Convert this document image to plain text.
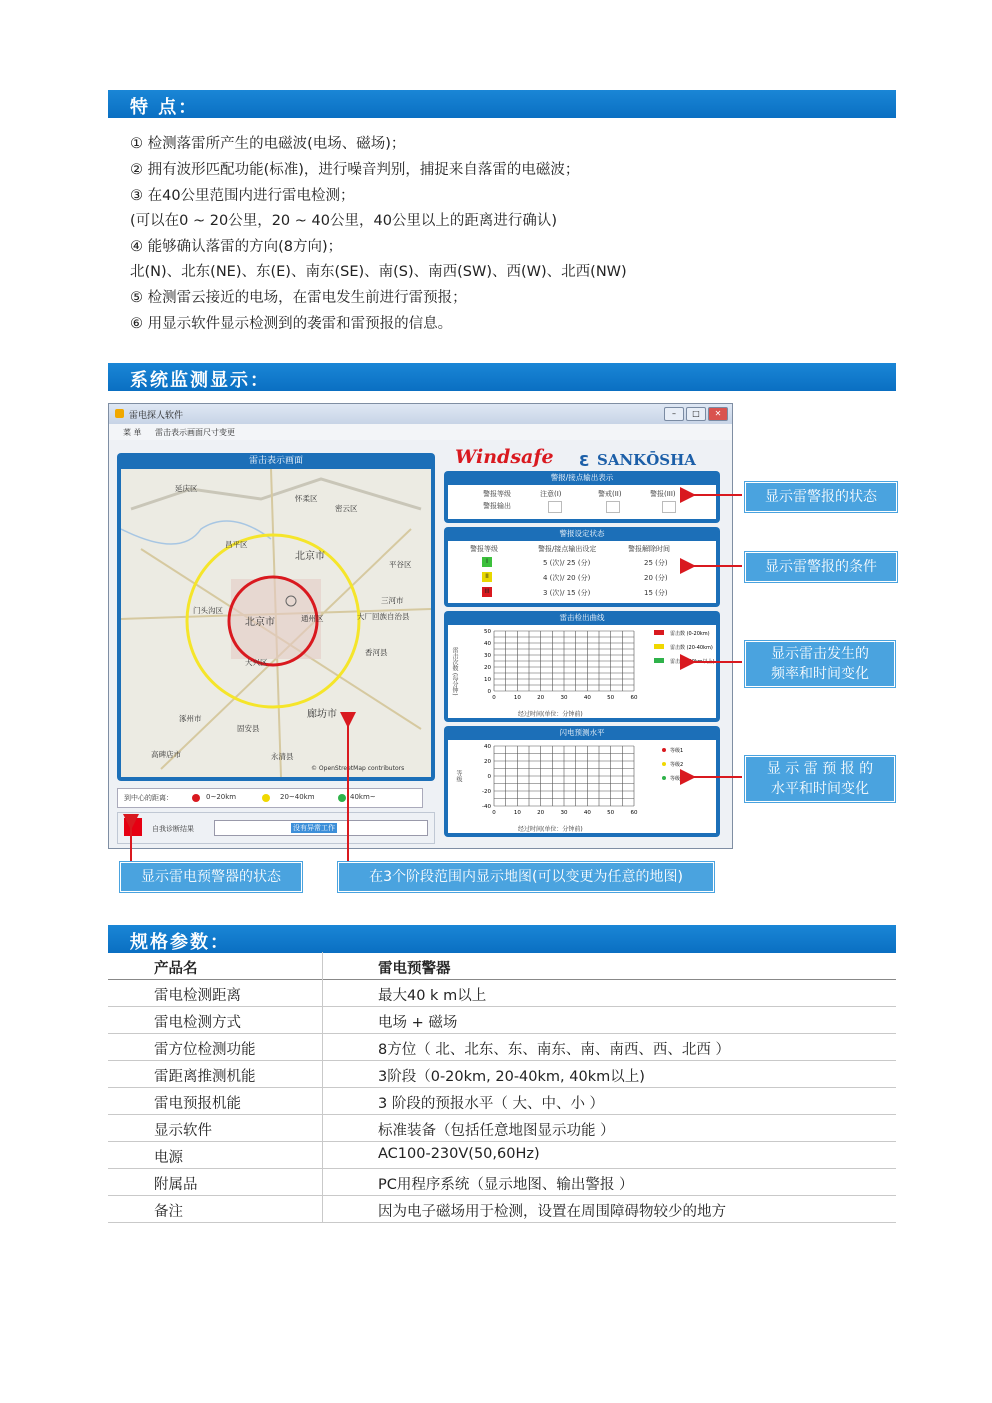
特 点：
① 检测落雷所产生的电磁波(电场、磁场)；
② 拥有波形匹配功能(标准)，进行噪音判别，捕捉来自落雷的电磁波；
③ 在40公里范围内进行雷电检测；
(可以在0 ~ 20公里，20 ~ 40公里，40公里以上的距离进行确认)
④ 能够确认落雷的方向(8方向)；
北(N)、北东(NE)、东(E)、南东(SE)、南(S)、南西(SW)、西(W)、北西(NW)
⑤ 检测雷云接近的电场，在雷电发生前进行雷预报；
⑥ 用显示软件显示检测到的袭雷和雷预报的信息。
系统监测显示：
雷电探人软件	–	□	✕
菜 单 雷击表示画面尺寸变更
雷击表示画面
延庆区
怀柔区
密云区
昌平区
北京市
平谷区
门头沟区
北京市	通州区
三河市
大厂回族自治县
香河县
大兴区
涿州市
固安县
廊坊市
高碑店市	永清县
© OpenStreetMap contributors
到中心的距离：	0~20km	20~40km	40km~
自我诊断结果	没有异常工作
Windsafe Ɛ SANKŌSHA
警报/接点输出表示
警报等级
警报输出
注意(I)	警戒(II)	警报(III)
警报设定状态
警报等级	警报/接点输出设定	警报解除时间
I	5 (次)/ 25 (分)	25 (分)
II	4 (次)/ 20 (分)	20 (分)
III	3 (次)/ 15 (分)	15 (分)
雷击检出曲线
雷击次数 (每分钟)
0	10	20	30	40	50	60
50
40
30
20
10
0
雷击数 (0-20km)
雷击数 (20-40km)
雷击数 (40km以上)
经过时间(单位：分钟前)
闪电预测水平
等级
0	10	20	30	40	50	60
40
20
0
-20
-40
等级1
等级2
等级3
经过时间(单位：分钟前)
显示雷警报的状态
显示雷警报的条件
显示雷击发生的频率和时间变化
显 示 雷 预 报 的水平和时间变化
显示雷电预警器的状态	在3个阶段范围内显示地图(可以变更为任意的地图)
规格参数：
产品名	雷电预警器
雷电检测距离	最大40 k m以上
雷电检测方式	电场 + 磁场
雷方位检测功能	8方位（ 北、北东、东、南东、南、南西、西、北西 ）
雷距离推测机能	3阶段（0-20km, 20-40km, 40km以上)
雷电预报机能	3 阶段的预报水平（ 大、中、小 ）
显示软件	标准装备（包括任意地图显示功能 ）
电源	AC100-230V(50,60Hz)
附属品	PC用程序系统（显示地图、输出警报 ）
备注	因为电子磁场用于检测，设置在周围障碍物较少的地方
